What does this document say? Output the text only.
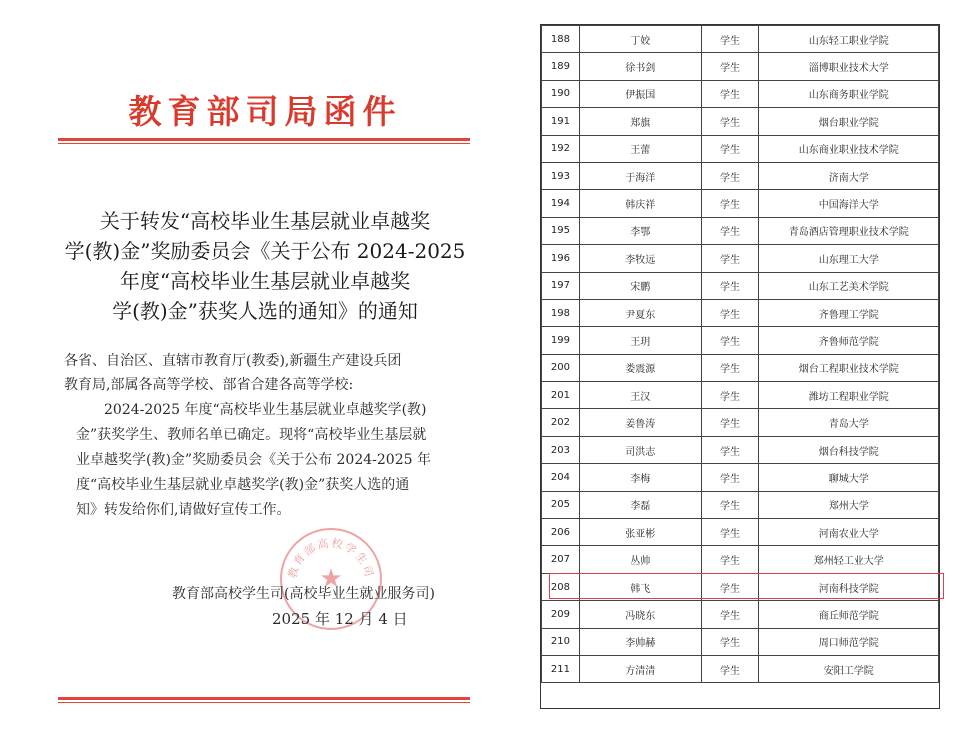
教育部司局函件
关于转发“高校毕业生基层就业卓越奖
学(教)金”奖励委员会《关于公布 2024-2025
年度“高校毕业生基层就业卓越奖
学(教)金”获奖人选的通知》的通知
各省、自治区、直辖市教育厅(教委),新疆生产建设兵团
教育局,部属各高等学校、部省合建各高等学校:
2024-2025 年度“高校毕业生基层就业卓越奖学(教)
金”获奖学生、教师名单已确定。现将“高校毕业生基层就
业卓越奖学(教)金”奖励委员会《关于公布 2024-2025 年
度“高校毕业生基层就业卓越奖学(教)金”获奖人选的通
知》转发给你们,请做好宣传工作。
教育部高校学生司
★
教育部高校学生司(高校毕业生就业服务司)
2025 年 12 月 4 日
188	丁姣	学生	山东轻工职业学院
189	徐书剑	学生	淄博职业技术大学
190	伊振国	学生	山东商务职业学院
191	郑旗	学生	烟台职业学院
192	王蕾	学生	山东商业职业技术学院
193	于海洋	学生	济南大学
194	韩庆祥	学生	中国海洋大学
195	李鄂	学生	青岛酒店管理职业技术学院
196	李牧远	学生	山东理工大学
197	宋鹏	学生	山东工艺美术学院
198	尹夏东	学生	齐鲁理工学院
199	王玥	学生	齐鲁师范学院
200	娄震源	学生	烟台工程职业技术学院
201	王汉	学生	潍坊工程职业学院
202	姜鲁涛	学生	青岛大学
203	司洪志	学生	烟台科技学院
204	李梅	学生	聊城大学
205	李磊	学生	郑州大学
206	张亚彬	学生	河南农业大学
207	丛帅	学生	郑州轻工业大学
208	韩飞	学生	河南科技学院
209	冯晓东	学生	商丘师范学院
210	李帅赫	学生	周口师范学院
211	方清清	学生	安阳工学院
